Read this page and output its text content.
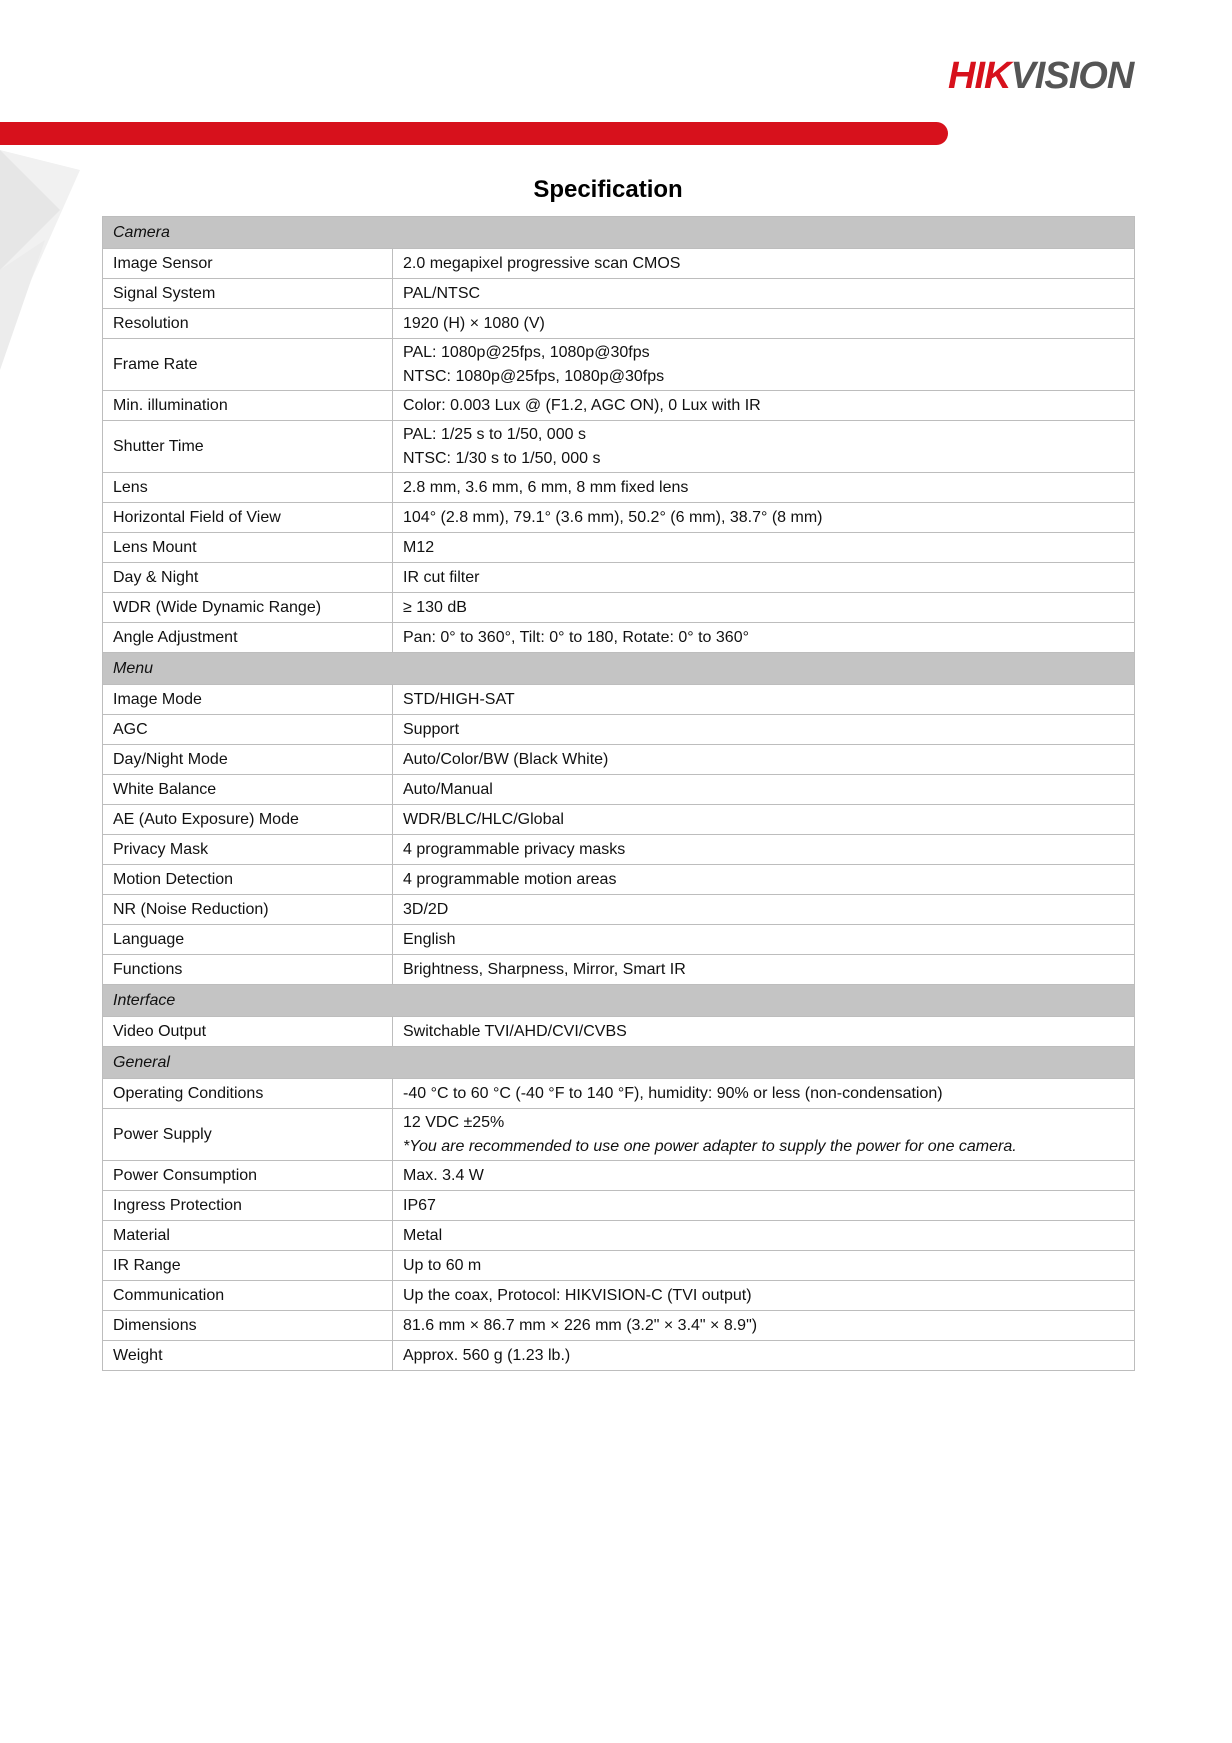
HIKVISION
Specification
Camera	
Image Sensor	2.0 megapixel progressive scan CMOS

Signal System	PAL/NTSC

Resolution	1920 (H) × 1080 (V)

Frame Rate	PAL: 1080p@25fps, 1080p@30fps
NTSC: 1080p@25fps, 1080p@30fps

Min. illumination	Color: 0.003 Lux @ (F1.2, AGC ON), 0 Lux with IR

Shutter Time	PAL: 1/25 s to 1/50, 000 s
NTSC: 1/30 s to 1/50, 000 s

Lens	2.8 mm, 3.6 mm, 6 mm, 8 mm fixed lens

Horizontal Field of View	104° (2.8 mm), 79.1° (3.6 mm), 50.2° (6 mm), 38.7° (8 mm)

Lens Mount	M12

Day & Night	IR cut filter

WDR (Wide Dynamic Range)	≥ 130 dB

Angle Adjustment	Pan: 0° to 360°, Tilt: 0° to 180, Rotate: 0° to 360°

Menu	
Image Mode	STD/HIGH-SAT

AGC	Support

Day/Night Mode	Auto/Color/BW (Black White)

White Balance	Auto/Manual

AE (Auto Exposure) Mode	WDR/BLC/HLC/Global

Privacy Mask	4 programmable privacy masks

Motion Detection	4 programmable motion areas

NR (Noise Reduction)	3D/2D

Language	English

Functions	Brightness, Sharpness, Mirror, Smart IR

Interface	
Video Output	Switchable TVI/AHD/CVI/CVBS

General	
Operating Conditions	-40 °C to 60 °C (-40 °F to 140 °F), humidity: 90% or less (non-condensation)

Power Supply	12 VDC ±25%
*You are recommended to use one power adapter to supply the power for one camera.

Power Consumption	Max. 3.4 W

Ingress Protection	IP67

Material	Metal

IR Range	Up to 60 m

Communication	Up the coax, Protocol: HIKVISION-C (TVI output)

Dimensions	81.6 mm × 86.7 mm × 226 mm (3.2" × 3.4" × 8.9")

Weight	Approx. 560 g (1.23 lb.)
